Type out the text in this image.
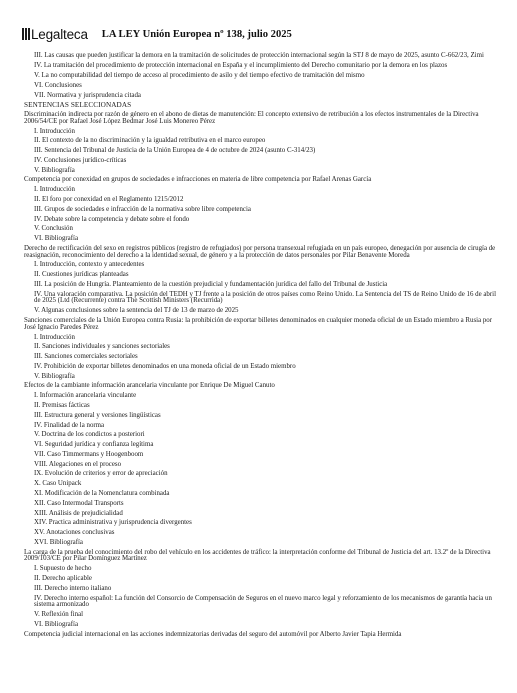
Legalteca LA LEY Unión Europea nº 138, julio 2025
III. Las causas que pueden justificar la demora en la tramitación de solicitudes de protección internacional según la STJ 8 de mayo de 2025, asunto C-662/23, Zimi
IV. La tramitación del procedimiento de protección internacional en España y el incumplimiento del Derecho comunitario por la demora en los plazos
V. La no computabilidad del tiempo de acceso al procedimiento de asilo y del tiempo efectivo de tramitación del mismo
VI. Conclusiones
VII. Normativa y jurisprudencia citada
SENTENCIAS SELECCIONADAS
Discriminación indirecta por razón de género en el abono de dietas de manutención: El concepto extensivo de retribución a los efectos instrumentales de la Directiva 2006/54/CE por Rafael José López Bedmar José Luis Monereo Pérez
I. Introducción
II. El contexto de la no discriminación y la igualdad retributiva en el marco europeo
III. Sentencia del Tribunal de Justicia de la Unión Europea de 4 de octubre de 2024 (asunto C-314/23)
IV. Conclusiones jurídico-críticas
V. Bibliografía
Competencia por conexidad en grupos de sociedades e infracciones en materia de libre competencia por Rafael Arenas García
I. Introducción
II. El foro por conexidad en el Reglamento 1215/2012
III. Grupos de sociedades e infracción de la normativa sobre libre competencia
IV. Debate sobre la competencia y debate sobre el fondo
V. Conclusión
VI. Bibliografía
Derecho de rectificación del sexo en registros públicos (registro de refugiados) por persona transexual refugiada en un país europeo, denegación por ausencia de cirugía de reasignación, reconocimiento del derecho a la identidad sexual, de género y a la protección de datos personales por Pilar Benavente Moreda
I. Introducción, contexto y antecedentes
II. Cuestiones jurídicas planteadas
III. La posición de Hungría. Planteamiento de la cuestión prejudicial y fundamentación jurídica del fallo del Tribunal de Justicia
IV. Una valoración comparativa. La posición del TEDH y TJ frente a la posición de otros países como Reino Unido. La Sentencia del TS de Reino Unido de 16 de abril de 2025 (Ltd (Recurrente) contra The Scottish Ministers (Recurrida)
V. Algunas conclusiones sobre la sentencia del TJ de 13 de marzo de 2025
Sanciones comerciales de la Unión Europea contra Rusia: la prohibición de exportar billetes denominados en cualquier moneda oficial de un Estado miembro a Rusia por José Ignacio Paredes Pérez
I. Introducción
II. Sanciones individuales y sanciones sectoriales
III. Sanciones comerciales sectoriales
IV. Prohibición de exportar billetes denominados en una moneda oficial de un Estado miembro
V. Bibliografía
Efectos de la cambiante información arancelaria vinculante por Enrique De Miguel Canuto
I. Información arancelaria vinculante
II. Premisas fácticas
III. Estructura general y versiones lingüísticas
IV. Finalidad de la norma
V. Doctrina de los condictos a posteriori
VI. Seguridad jurídica y confianza legítima
VII. Caso Timmermans y Hoogenboom
VIII. Alegaciones en el proceso
IX. Evolución de criterios y error de apreciación
X. Caso Unipack
XI. Modificación de la Nomenclatura combinada
XII. Caso Intermodal Transports
XIII. Análisis de prejudicialidad
XIV. Practica administrativa y jurisprudencia divergentes
XV. Anotaciones conclusivas
XVI. Bibliografía
La carga de la prueba del conocimiento del robo del vehículo en los accidentes de tráfico: la interpretación conforme del Tribunal de Justicia del art. 13.2º de la Directiva 2009/103/CE por Pilar Domínguez Martínez
I. Supuesto de hecho
II. Derecho aplicable
III. Derecho interno italiano
IV. Derecho interno español: La función del Consorcio de Compensación de Seguros en el nuevo marco legal y reforzamiento de los mecanismos de garantía hacia un sistema armonizado
V. Reflexión final
VI. Bibliografía
Competencia judicial internacional en las acciones indemnizatorias derivadas del seguro del automóvil por Alberto Javier Tapia Hermida
